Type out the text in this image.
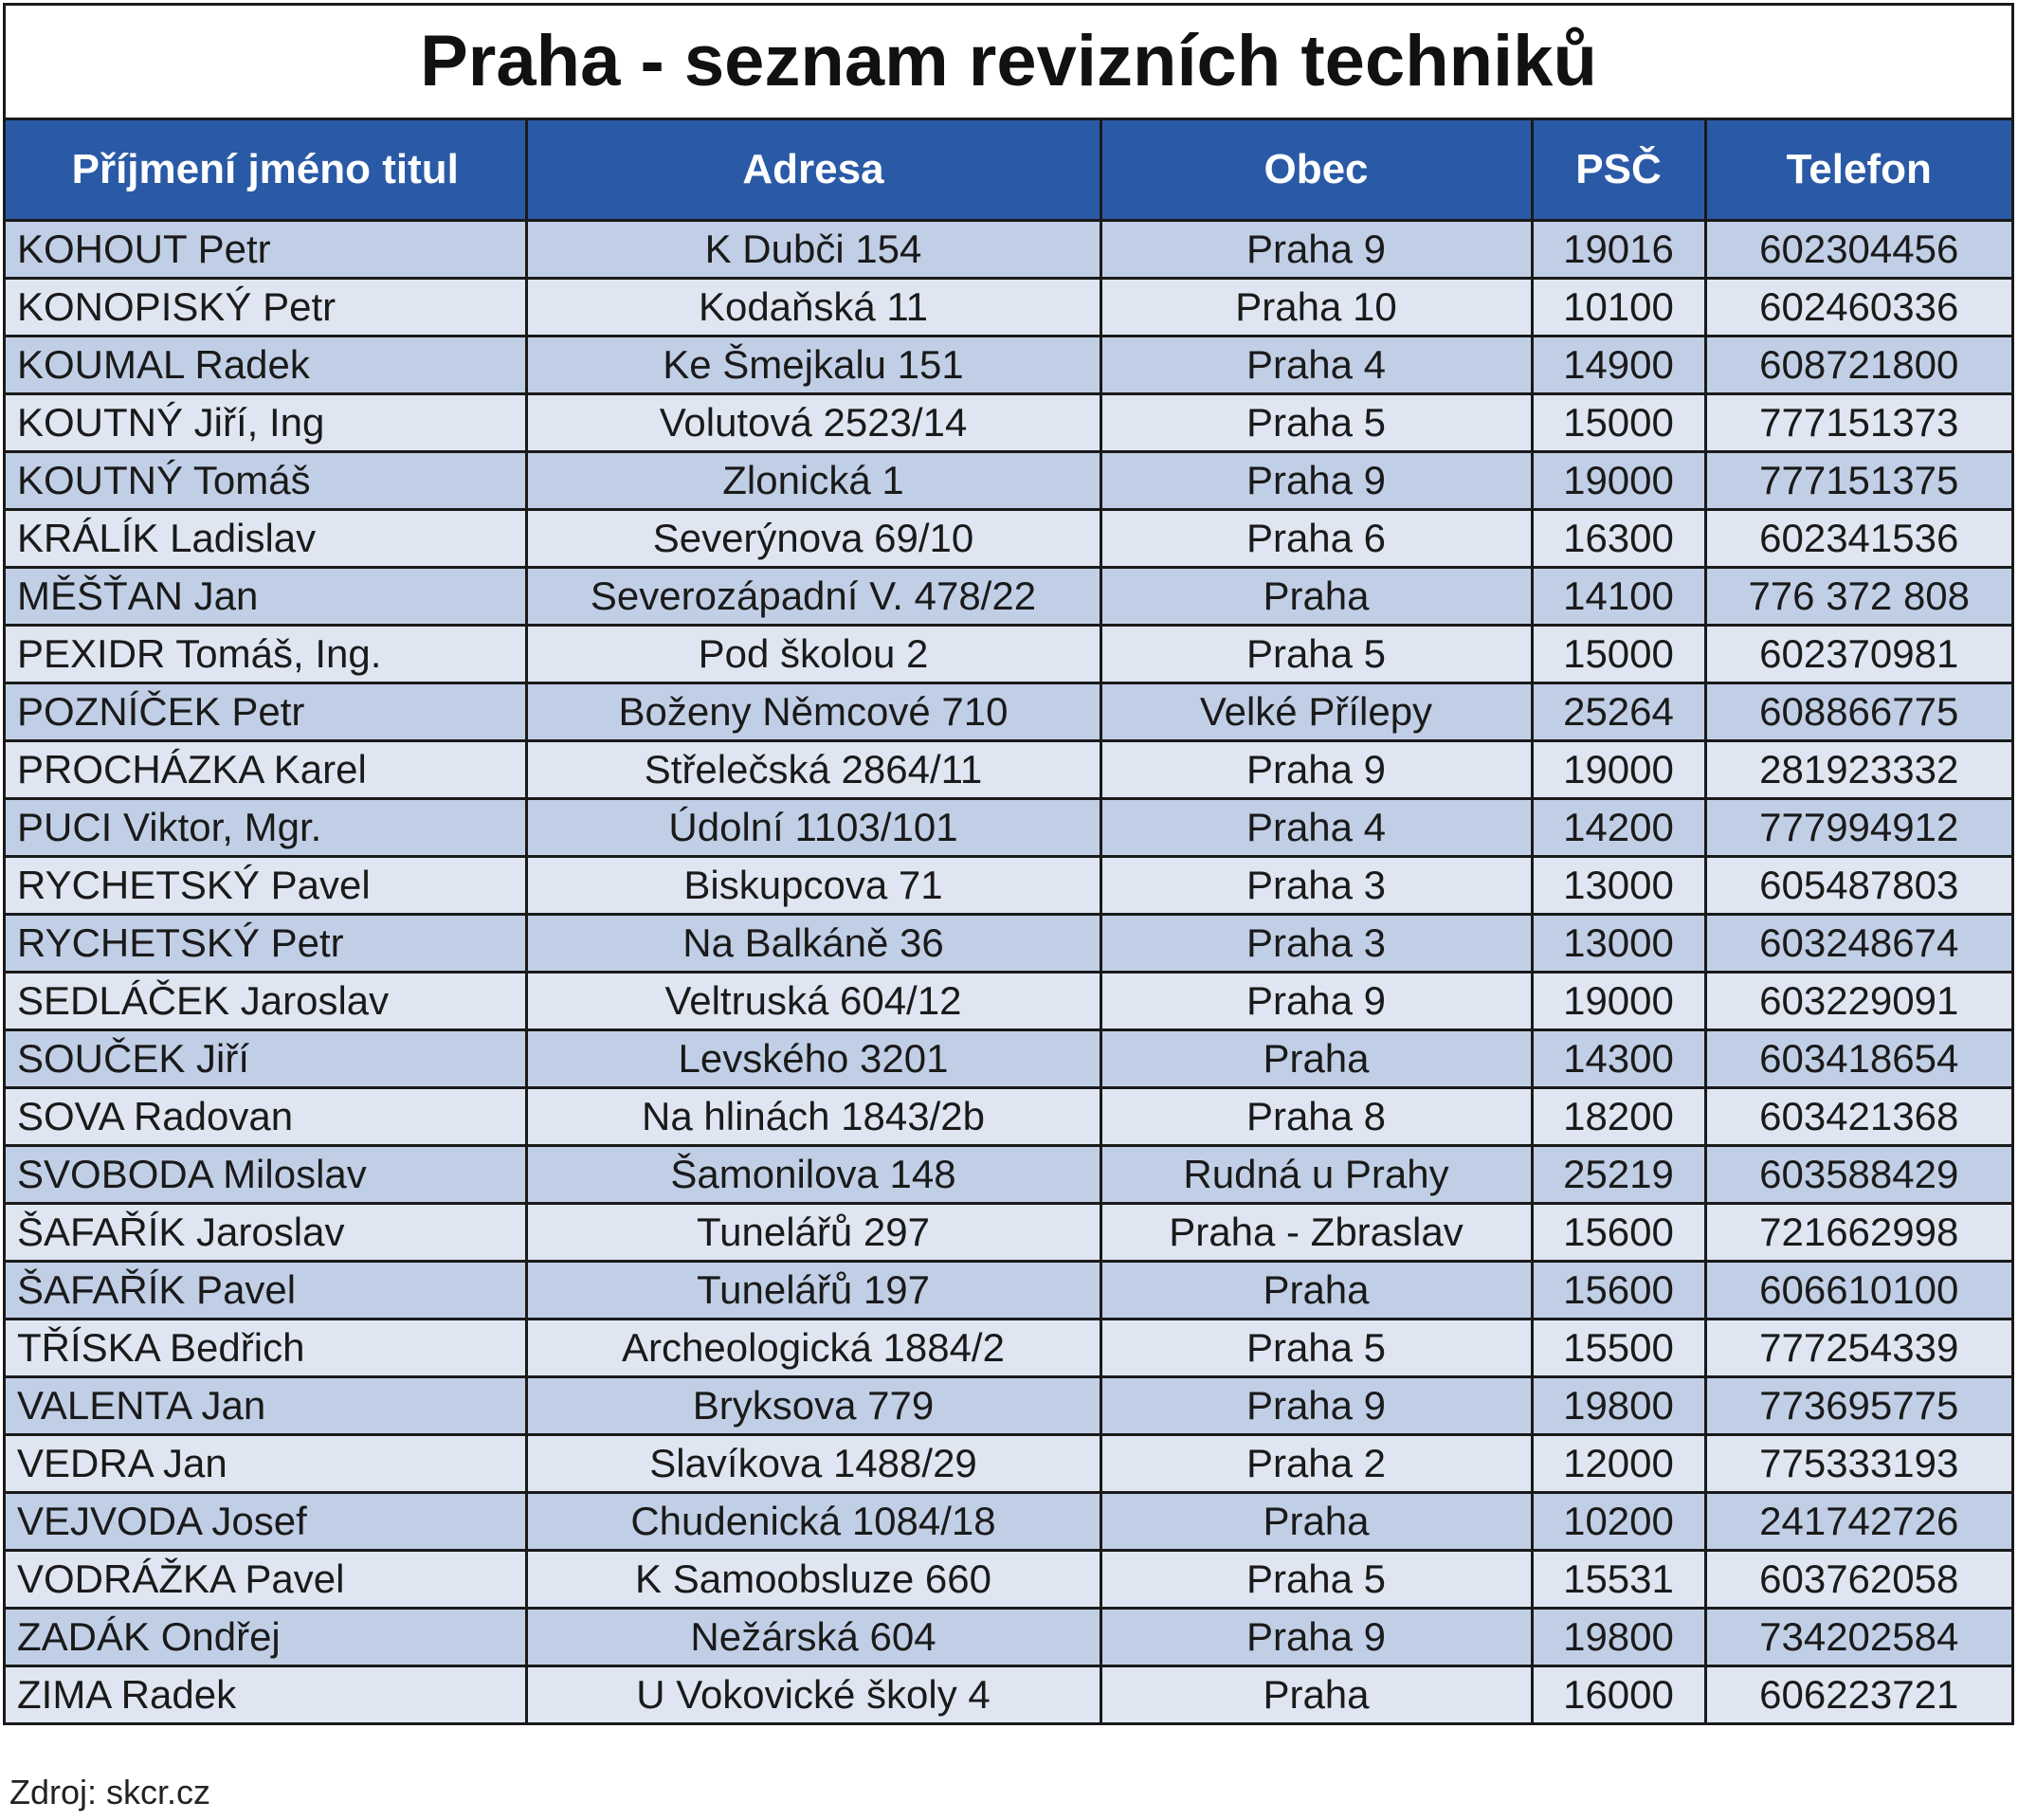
Praha - seznam revizních techniků
Příjmení jméno titul	Adresa	Obec	PSČ	Telefon
KOHOUT Petr	K Dubči 154	Praha 9	19016	602304456
KONOPISKÝ Petr	Kodaňská 11	Praha 10	10100	602460336
KOUMAL Radek	Ke Šmejkalu 151	Praha 4	14900	608721800
KOUTNÝ Jiří, Ing	Volutová 2523/14	Praha 5	15000	777151373
KOUTNÝ Tomáš	Zlonická 1	Praha 9	19000	777151375
KRÁLÍK Ladislav	Severýnova 69/10	Praha 6	16300	602341536
MĚŠŤAN Jan	Severozápadní V. 478/22	Praha	14100	776 372 808
PEXIDR Tomáš, Ing.	Pod školou 2	Praha 5	15000	602370981
POZNÍČEK Petr	Boženy Němcové 710	Velké Přílepy	25264	608866775
PROCHÁZKA Karel	Střelečská 2864/11	Praha 9	19000	281923332
PUCI Viktor, Mgr.	Údolní 1103/101	Praha 4	14200	777994912
RYCHETSKÝ Pavel	Biskupcova 71	Praha 3	13000	605487803
RYCHETSKÝ Petr	Na Balkáně 36	Praha 3	13000	603248674
SEDLÁČEK Jaroslav	Veltruská 604/12	Praha 9	19000	603229091
SOUČEK Jiří	Levského 3201	Praha	14300	603418654
SOVA Radovan	Na hlinách 1843/2b	Praha 8	18200	603421368
SVOBODA Miloslav	Šamonilova 148	Rudná u Prahy	25219	603588429
ŠAFAŘÍK Jaroslav	Tunelářů 297	Praha - Zbraslav	15600	721662998
ŠAFAŘÍK Pavel	Tunelářů 197	Praha	15600	606610100
TŘÍSKA Bedřich	Archeologická 1884/2	Praha 5	15500	777254339
VALENTA Jan	Bryksova 779	Praha 9	19800	773695775
VEDRA Jan	Slavíkova 1488/29	Praha 2	12000	775333193
VEJVODA Josef	Chudenická 1084/18	Praha	10200	241742726
VODRÁŽKA Pavel	K Samoobsluze 660	Praha 5	15531	603762058
ZADÁK Ondřej	Nežárská 604	Praha 9	19800	734202584
ZIMA Radek	U Vokovické školy 4	Praha	16000	606223721
Zdroj: skcr.cz
